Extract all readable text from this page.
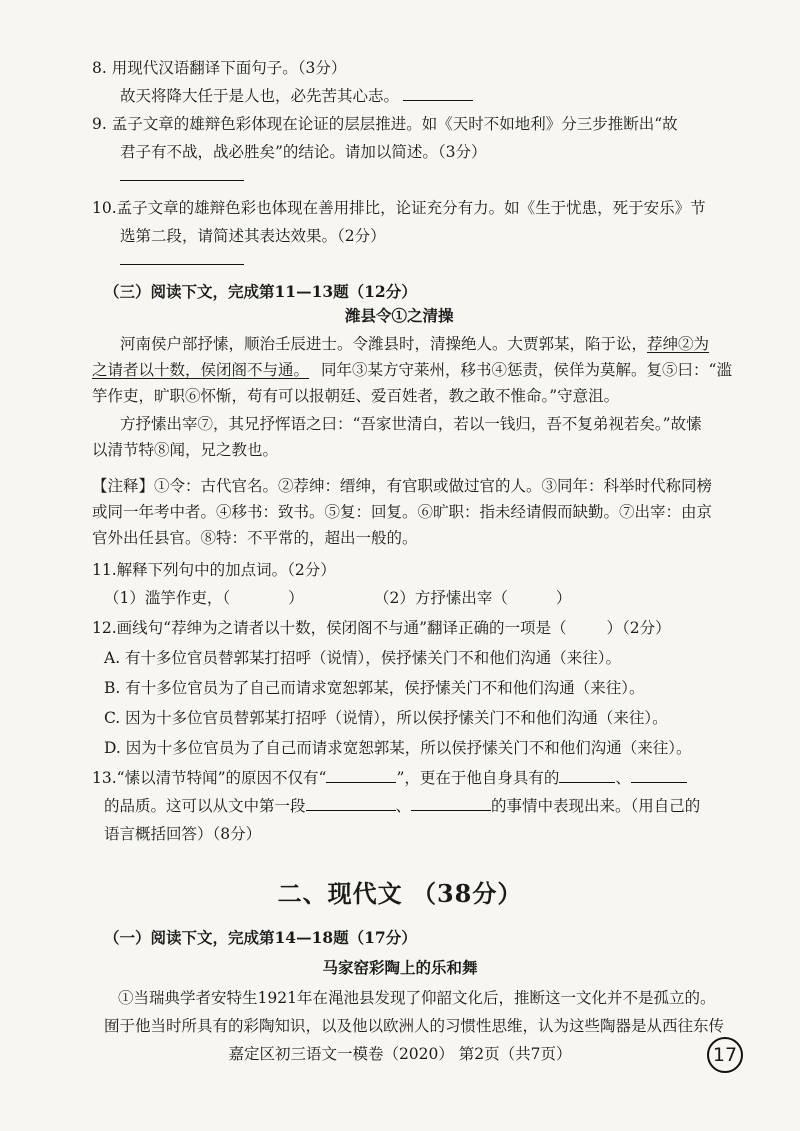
8. 用现代汉语翻译下面句子。（3分）
故天将降大任于是人也，必先苦其心志。
9. 孟子文章的雄辩色彩体现在论证的层层推进。如《天时不如地利》分三步推断出“故
君子有不战，战必胜矣”的结论。请加以简述。（3分）
10.孟子文章的雄辩色彩也体现在善用排比，论证充分有力。如《生于忧患，死于安乐》节
选第二段，请简述其表达效果。（2分）
（三）阅读下文，完成第11—13题（12分）
潍县令①之清操
河南侯户部抒愫，顺治壬辰进士。令潍县时，清操绝人。大贾郭某，陷于讼，荐绅②为
之请者以十数，侯闭阁不与通。 同年③某方守莱州，移书④惩责，侯佯为莫解。复⑤曰：“滥
竽作吏，旷职⑥怀惭，苟有可以报朝廷、爱百姓者，教之敢不惟命。”守意沮。
方抒愫出宰⑦，其兄抒恽语之曰：“吾家世清白，若以一钱归，吾不复弟视若矣。”故愫
以清节特⑧闻，兄之教也。
【注释】①令：古代官名。②荐绅：缙绅，有官职或做过官的人。③同年：科举时代称同榜
或同一年考中者。④移书：致书。⑤复：回复。⑥旷职：指未经请假而缺勤。⑦出宰：由京
官外出任县官。⑧特：不平常的，超出一般的。
11.解释下列句中的加点词。（2分）
（1）滥竽作吏，（	）	（2）方抒愫出宰（	）
12.画线句“荐绅为之请者以十数，侯闭阁不与通”翻译正确的一项是（	）（2分）
A. 有十多位官员替郭某打招呼（说情），侯抒愫关门不和他们沟通（来往）。
B. 有十多位官员为了自己而请求宽恕郭某，侯抒愫关门不和他们沟通（来往）。
C. 因为十多位官员替郭某打招呼（说情），所以侯抒愫关门不和他们沟通（来往）。
D. 因为十多位官员为了自己而请求宽恕郭某，所以侯抒愫关门不和他们沟通（来往）。
13.“愫以清节特闻”的原因不仅有“	”，更在于他自身具有的	、
的品质。这可以从文中第一段	、	的事情中表现出来。（用自己的
语言概括回答）（8分）
二、现代文 （38分）
（一）阅读下文，完成第14—18题（17分）
马家窑彩陶上的乐和舞
①当瑞典学者安特生1921年在渑池县发现了仰韶文化后，推断这一文化并不是孤立的。
囿于他当时所具有的彩陶知识，以及他以欧洲人的习惯性思维，认为这些陶器是从西往东传
嘉定区初三语文一模卷（2020） 第2页（共7页）	17
